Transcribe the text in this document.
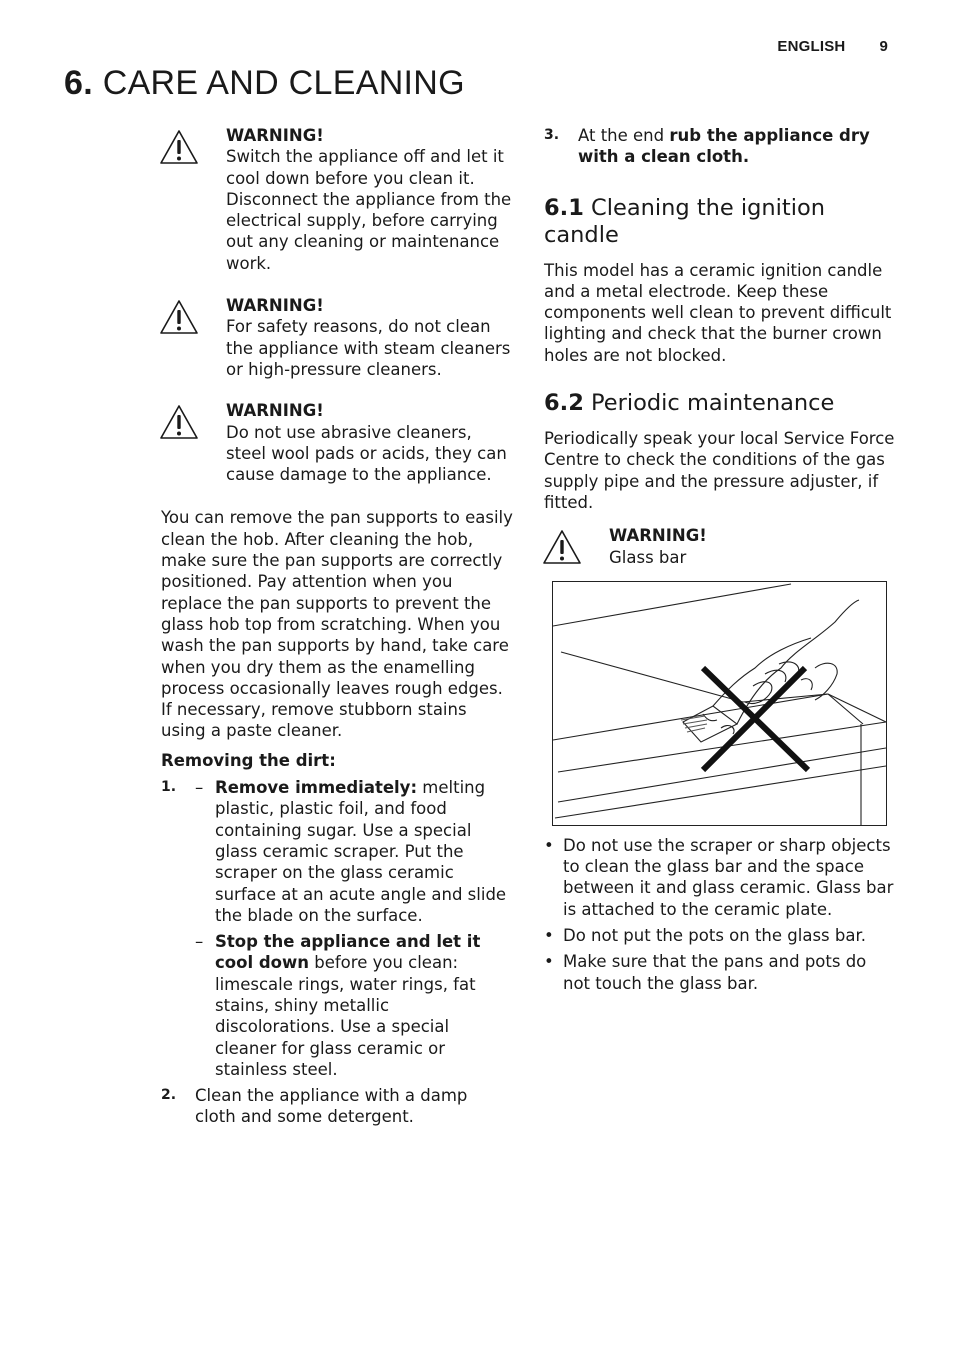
ENGLISH 9
6. CARE AND CLEANING
WARNING!

Switch the appliance off and let it cool down before you clean it. Disconnect the appliance from the electrical supply, before carrying out any cleaning or maintenance work.

WARNING!

For safety reasons, do not clean the appliance with steam cleaners or high-pressure cleaners.

WARNING!

Do not use abrasive cleaners, steel wool pads or acids, they can cause damage to the appliance.

You can remove the pan supports to easily clean the hob. After cleaning the hob, make sure the pan supports are correctly positioned. Pay attention when you replace the pan supports to prevent the glass hob top from scratching. When you wash the pan supports by hand, take care when you dry them as the enamelling process occasionally leaves rough edges. If necessary, remove stubborn stains using a paste cleaner.

Removing the dirt:
1. – Remove immediately: melting plastic, plastic foil, and food containing sugar. Use a special glass ceramic scraper. Put the scraper on the glass ceramic surface at an acute angle and slide the blade on the surface.
– Stop the appliance and let it cool down before you clean: limescale rings, water rings, fat stains, shiny metallic discolorations. Use a special cleaner for glass ceramic or stainless steel.
2. Clean the appliance with a damp cloth and some detergent.
3. At the end rub the appliance dry with a clean cloth.
6.1 Cleaning the ignition candle

This model has a ceramic ignition candle and a metal electrode. Keep these components well clean to prevent difficult lighting and check that the burner crown holes are not blocked.

6.2 Periodic maintenance

Periodically speak your local Service Force Centre to check the conditions of the gas supply pipe and the pressure adjuster, if fitted.

WARNING!

Glass bar

• Do not use the scraper or sharp objects to clean the glass bar and the space between it and glass ceramic. Glass bar is attached to the ceramic plate.
• Do not put the pots on the glass bar.
• Make sure that the pans and pots do not touch the glass bar.
